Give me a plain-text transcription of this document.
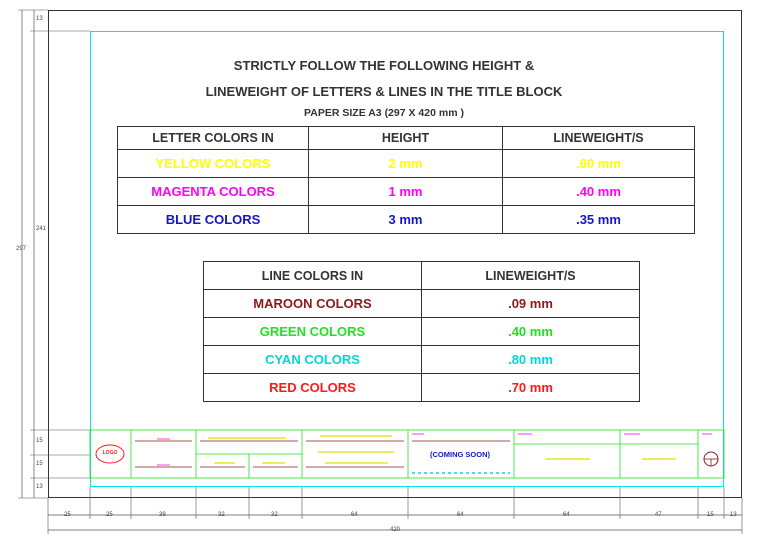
297
13
241
15
15
13
25	25	39	32	32	64	64	64	47	15	13
420
STRICTLY FOLLOW THE FOLLOWING HEIGHT &
LINEWEIGHT OF LETTERS & LINES IN THE TITLE BLOCK
PAPER SIZE A3 (297 X 420 mm )
LETTER COLORS IN	HEIGHT	LINEWEIGHT/S
YELLOW COLORS	2 mm	.60 mm
MAGENTA COLORS	1 mm	.40 mm
BLUE COLORS	3 mm	.35 mm
LINE COLORS IN	LINEWEIGHT/S
MAROON COLORS	.09 mm
GREEN COLORS	.40 mm
CYAN COLORS	.80 mm
RED COLORS	.70 mm
LOGO	(COMING SOON)
